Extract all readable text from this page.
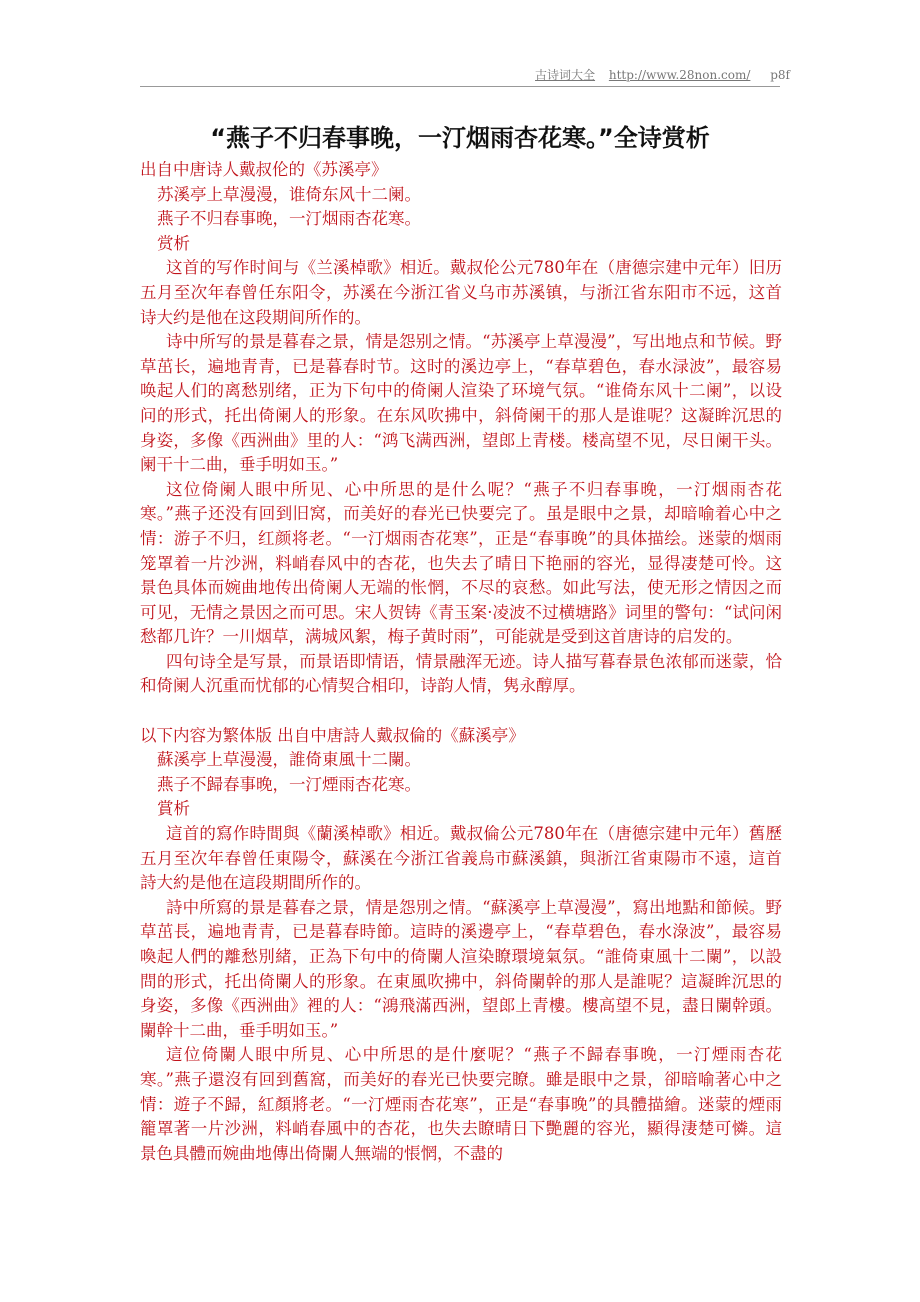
古诗词大全 http://www.28non.com/ p8f
“燕子不归春事晚，一汀烟雨杏花寒。”全诗赏析

出自中唐诗人戴叔伦的《苏溪亭》

苏溪亭上草漫漫，谁倚东风十二阑。

燕子不归春事晚，一汀烟雨杏花寒。

赏析

这首的写作时间与《兰溪棹歌》相近。戴叔伦公元780年在（唐德宗建中元年）旧历五月至次年春曾任东阳令，苏溪在今浙江省义乌市苏溪镇，与浙江省东阳市不远，这首诗大约是他在这段期间所作的。

诗中所写的景是暮春之景，情是怨别之情。“苏溪亭上草漫漫”，写出地点和节候。野草茁长，遍地青青，已是暮春时节。这时的溪边亭上，“春草碧色，春水渌波”，最容易唤起人们的离愁别绪，正为下句中的倚阑人渲染了环境气氛。“谁倚东风十二阑”，以设问的形式，托出倚阑人的形象。在东风吹拂中，斜倚阑干的那人是谁呢？这凝眸沉思的身姿，多像《西洲曲》里的人：“鸿飞满西洲，望郎上青楼。楼高望不见，尽日阑干头。阑干十二曲，垂手明如玉。”

这位倚阑人眼中所见、心中所思的是什么呢？“燕子不归春事晚，一汀烟雨杏花寒。”燕子还没有回到旧窝，而美好的春光已快要完了。虽是眼中之景，却暗喻着心中之情：游子不归，红颜将老。“一汀烟雨杏花寒”，正是“春事晚”的具体描绘。迷蒙的烟雨笼罩着一片沙洲，料峭春风中的杏花，也失去了晴日下艳丽的容光，显得凄楚可怜。这景色具体而婉曲地传出倚阑人无端的怅惘，不尽的哀愁。如此写法，使无形之情因之而可见，无情之景因之而可思。宋人贺铸《青玉案·凌波不过横塘路》词里的警句：“试问闲愁都几许？一川烟草，满城风絮，梅子黄时雨”，可能就是受到这首唐诗的启发的。

四句诗全是写景，而景语即情语，情景融浑无迹。诗人描写暮春景色浓郁而迷蒙，恰和倚阑人沉重而忧郁的心情契合相印，诗韵人情，隽永醇厚。

以下内容为繁体版 出自中唐詩人戴叔倫的《蘇溪亭》

蘇溪亭上草漫漫，誰倚東風十二闌。

燕子不歸春事晚，一汀煙雨杏花寒。

賞析

這首的寫作時間與《蘭溪棹歌》相近。戴叔倫公元780年在（唐德宗建中元年）舊歷五月至次年春曾任東陽令，蘇溪在今浙江省義烏市蘇溪鎮，與浙江省東陽市不遠，這首詩大約是他在這段期間所作的。

詩中所寫的景是暮春之景，情是怨別之情。“蘇溪亭上草漫漫”，寫出地點和節候。野草茁長，遍地青青，已是暮春時節。這時的溪邊亭上，“春草碧色，春水淥波”，最容易喚起人們的離愁別緒，正為下句中的倚闌人渲染瞭環境氣氛。“誰倚東風十二闌”，以設問的形式，托出倚闌人的形象。在東風吹拂中，斜倚闌幹的那人是誰呢？這凝眸沉思的身姿，多像《西洲曲》裡的人：“鴻飛滿西洲，望郎上青樓。樓高望不見，盡日闌幹頭。闌幹十二曲，垂手明如玉。”

這位倚闌人眼中所見、心中所思的是什麼呢？“燕子不歸春事晚，一汀煙雨杏花寒。”燕子還沒有回到舊窩，而美好的春光已快要完瞭。雖是眼中之景，卻暗喻著心中之情：遊子不歸，紅顏將老。“一汀煙雨杏花寒”，正是“春事晚”的具體描繪。迷蒙的煙雨籠罩著一片沙洲，料峭春風中的杏花，也失去瞭晴日下艷麗的容光，顯得淒楚可憐。這景色具體而婉曲地傳出倚闌人無端的悵惘，不盡的
